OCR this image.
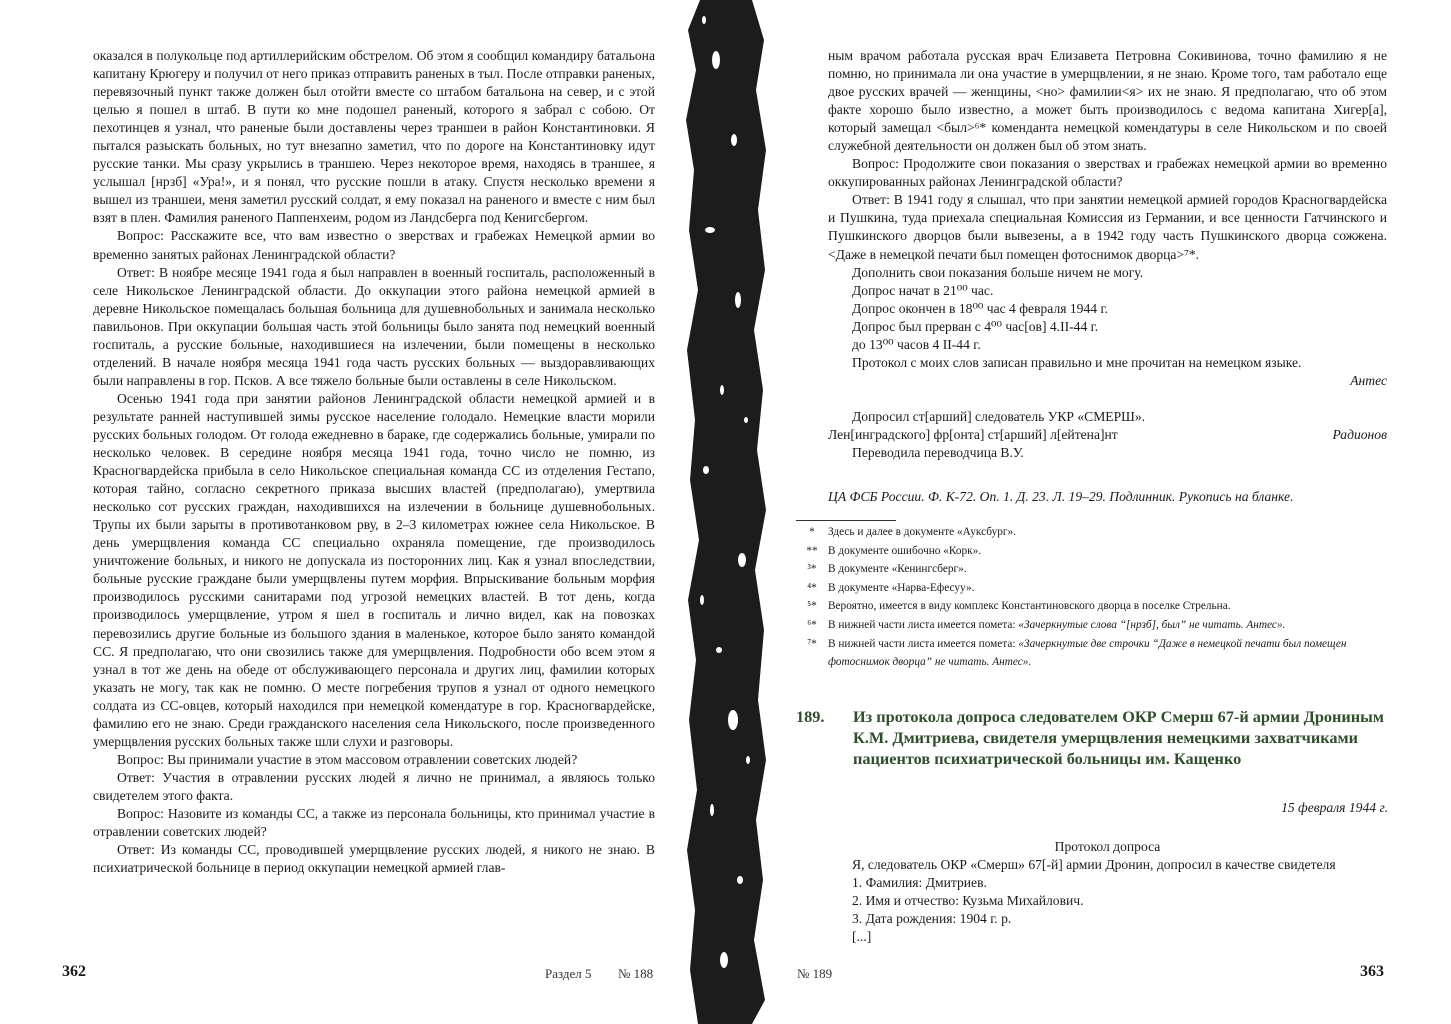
оказался в полукольце под артиллерийским обстрелом. Об этом я сообщил командиру батальона капитану Крюгеру и получил от него приказ отправить раненых в тыл. После отправки раненых, перевязочный пункт также должен был отойти вместе со штабом батальона на север, и с этой целью я пошел в штаб. В пути ко мне подошел раненый, которого я забрал с собою. От пехотинцев я узнал, что раненые были доставлены через траншеи в район Константиновки. Я пытался разыскать больных, но тут внезапно заметил, что по дороге на Константиновку идут русские танки. Мы сразу укрылись в траншею. Через некоторое время, находясь в траншее, я услышал [нрзб] «Ура!», и я понял, что русские пошли в атаку. Спустя несколько времени я вышел из траншеи, меня заметил русский солдат, я ему показал на раненого и вместе с ним был взят в плен. Фамилия раненого Паппенхеим, родом из Ландсберга под Кенигсбергом.

Вопрос: Расскажите все, что вам известно о зверствах и грабежах Немецкой армии во временно занятых районах Ленинградской области?

Ответ: В ноябре месяце 1941 года я был направлен в военный госпиталь, расположенный в селе Никольское Ленинградской области. До оккупации этого района немецкой армией в деревне Никольское помещалась большая больница для душевнобольных и занимала несколько павильонов. При оккупации большая часть этой больницы было занята под немецкий военный госпиталь, а русские больные, находившиеся на излечении, были помещены в несколько отделений. В начале ноября месяца 1941 года часть русских больных — выздоравливающих были направлены в гор. Псков. А все тяжело больные были оставлены в селе Никольском.

Осенью 1941 года при занятии районов Ленинградской области немецкой армией и в результате ранней наступившей зимы русское население голодало. Немецкие власти морили русских больных голодом. От голода ежедневно в бараке, где содержались больные, умирали по несколько человек. В середине ноября месяца 1941 года, точно число не помню, из Красногвардейска прибыла в село Никольское специальная команда СС из отделения Гестапо, которая тайно, согласно секретного приказа высших властей (предполагаю), умертвила несколько сот русских граждан, находившихся на излечении в больнице душевнобольных. Трупы их были зарыты в противотанковом рву, в 2–3 километрах южнее села Никольское. В день умерщвления команда СС специально охраняла помещение, где производилось уничтожение больных, и никого не допускала из посторонних лиц. Как я узнал впоследствии, больные русские граждане были умерщвлены путем морфия. Впрыскивание больным морфия производилось русскими санитарами под угрозой немецких властей. В тот день, когда производилось умерщвление, утром я шел в госпиталь и лично видел, как на повозках перевозились другие больные из большого здания в маленькое, которое было занято командой СС. Я предполагаю, что они свозились также для умерщвления. Подробности обо всем этом я узнал в тот же день на обеде от обслуживающего персонала и других лиц, фамилии которых указать не могу, так как не помню. О месте погребения трупов я узнал от одного немецкого солдата из СС-овцев, который находился при немецкой комендатуре в гор. Красногвардейске, фамилию его не знаю. Среди гражданского населения села Никольского, после произведенного умерщвления русских больных также шли слухи и разговоры.

Вопрос: Вы принимали участие в этом массовом отравлении советских людей?

Ответ: Участия в отравлении русских людей я лично не принимал, а являюсь только свидетелем этого факта.

Вопрос: Назовите из команды СС, а также из персонала больницы, кто принимал участие в отравлении советских людей?

Ответ: Из команды СС, проводившей умерщвление русских людей, я никого не знаю. В психиатрической больнице в период оккупации немецкой армией глав-

362	Раздел 5 № 188

ным врачом работала русская врач Елизавета Петровна Сокивинова, точно фамилию я не помню, но принимала ли она участие в умерщвлении, я не знаю. Кроме того, там работало еще двое русских врачей — женщины, <но> фамилии<я> их не знаю. Я предполагаю, что об этом факте хорошо было известно, а может быть производилось с ведома капитана Хигер[а], который замещал <был>⁶* коменданта немецкой комендатуры в селе Никольском и по своей служебной деятельности он должен был об этом знать.

Вопрос: Продолжите свои показания о зверствах и грабежах немецкой армии во временно оккупированных районах Ленинградской области?

Ответ: В 1941 году я слышал, что при занятии немецкой армией городов Красногвардейска и Пушкина, туда приехала специальная Комиссия из Германии, и все ценности Гатчинского и Пушкинского дворцов были вывезены, а в 1942 году часть Пушкинского дворца сожжена. <Даже в немецкой печати был помещен фотоснимок дворца>⁷*.

Дополнить свои показания больше ничем не могу.

Допрос начат в 21⁰⁰ час.

Допрос окончен в 18⁰⁰ час 4 февраля 1944 г.

Допрос был прерван с 4⁰⁰ час[ов] 4.II-44 г.

до 13⁰⁰ часов 4 II-44 г.

Протокол с моих слов записан правильно и мне прочитан на немецком языке.

Антес

Допросил ст[арший] следователь УКР «СМЕРШ».

Лен[инградского] фр[онта] ст[арший] л[ейтена]нт	Радионов

Переводила переводчица В.У.

ЦА ФСБ России. Ф. К-72. Оп. 1. Д. 23. Л. 19–29. Подлинник. Рукопись на бланке.

*	Здесь и далее в документе «Ауксбург».
** В документе ошибочно «Корк».
³*	В документе «Кенингсберг».
⁴* В документе «Нарва-Ефесуу».
⁵* Вероятно, имеется в виду комплекс Константиновского дворца в поселке Стрельна.
⁶* В нижней части листа имеется помета: «Зачеркнутые слова “[нрзб], был” не читать. Антес».
⁷* В нижней части листа имеется помета: «Зачеркнутые две строчки “Даже в немецкой печати был помещен фотоснимок дворца” не читать. Антес».
189.	Из протокола допроса следователем ОКР Смерш 67-й армии Дрониным К.М. Дмитриева, свидетеля умерщвления немецкими захватчиками пациентов психиатрической больницы им. Кащенко
15 февраля 1944 г.
Протокол допроса

Я, следователь ОКР «Смерш» 67[-й] армии Дронин, допросил в качестве свидетеля

1. Фамилия: Дмитриев.

2. Имя и отчество: Кузьма Михайлович.

3. Дата рождения: 1904 г. р.

[...]

№ 189	363
